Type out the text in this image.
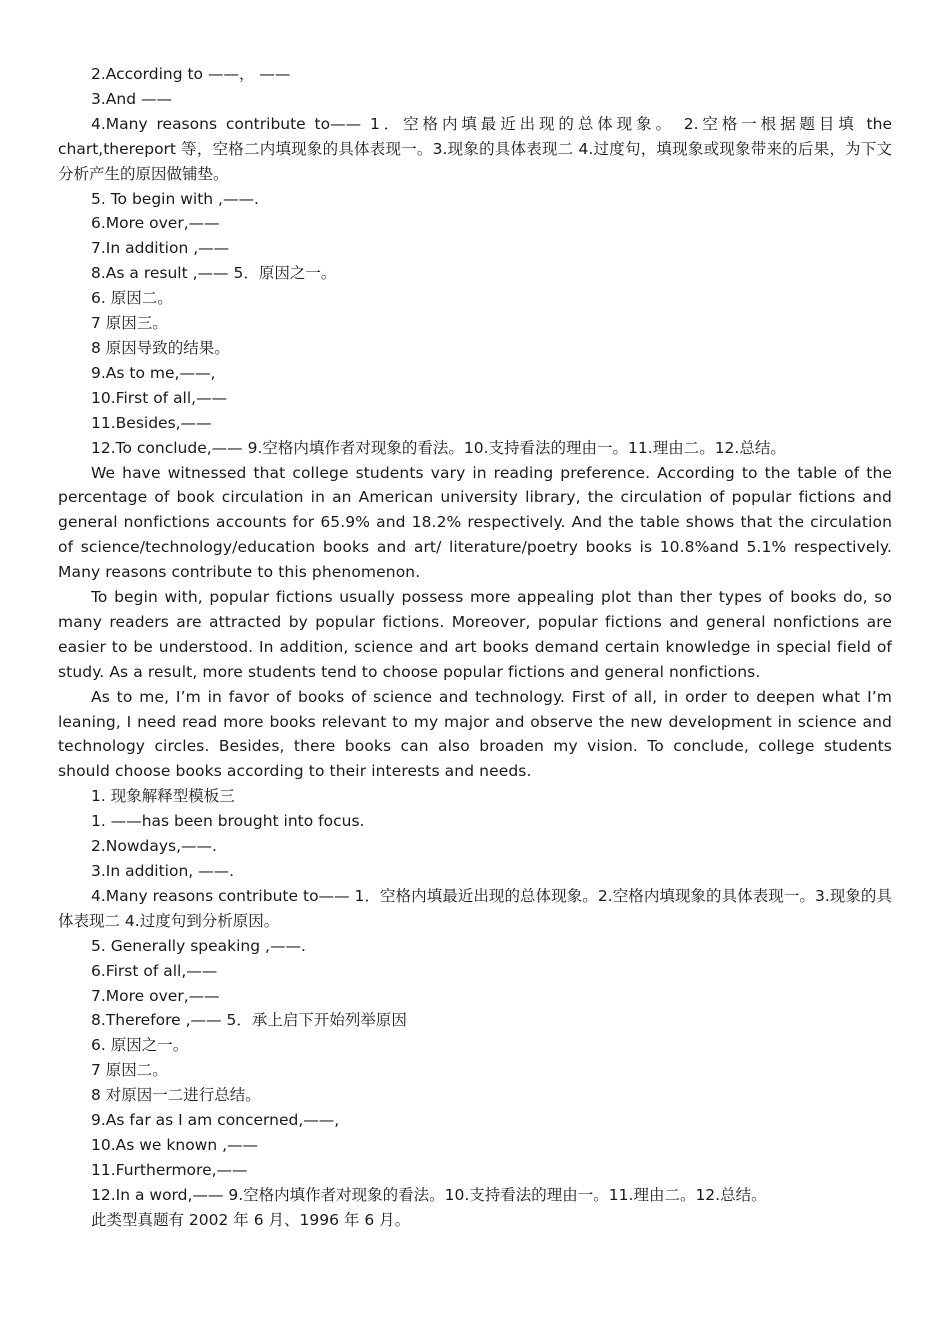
2.According to ——， ——

3.And ——

4.Many reasons contribute to—— 1．空格内填最近出现的总体现象。 2.空格一根据题目填 the chart,thereport 等，空格二内填现象的具体表现一。3.现象的具体表现二 4.过度句，填现象或现象带来的后果，为下文分析产生的原因做铺垫。

5. To begin with ,——.

6.More over,——

7.In addition ,——

8.As a result ,—— 5．原因之一。

6. 原因二。

7 原因三。

8 原因导致的结果。

9.As to me,——,

10.First of all,——

11.Besides,——

12.To conclude,—— 9.空格内填作者对现象的看法。10.支持看法的理由一。11.理由二。12.总结。

We have witnessed that college students vary in reading preference. According to the table of the percentage of book circulation in an American university library, the circulation of popular fictions and general nonfictions accounts for 65.9% and 18.2% respectively. And the table shows that the circulation of science/technology/education books and art/ literature/poetry books is 10.8%and 5.1% respectively. Many reasons contribute to this phenomenon.

To begin with, popular fictions usually possess more appealing plot than ther types of books do, so many readers are attracted by popular fictions. Moreover, popular fictions and general nonfictions are easier to be understood. In addition, science and art books demand certain knowledge in special field of study. As a result, more students tend to choose popular fictions and general nonfictions.

As to me, I’m in favor of books of science and technology. First of all, in order to deepen what I’m leaning, I need read more books relevant to my major and observe the new development in science and technology circles. Besides, there books can also broaden my vision. To conclude, college students should choose books according to their interests and needs.

1. 现象解释型模板三

1. ——has been brought into focus.

2.Nowdays,——.

3.In addition, ——.

4.Many reasons contribute to—— 1．空格内填最近出现的总体现象。2.空格内填现象的具体表现一。3.现象的具体表现二 4.过度句到分析原因。

5. Generally speaking ,——.

6.First of all,——

7.More over,——

8.Therefore ,—— 5．承上启下开始列举原因

6. 原因之一。

7 原因二。

8 对原因一二进行总结。

9.As far as I am concerned,——,

10.As we known ,——

11.Furthermore,——

12.In a word,—— 9.空格内填作者对现象的看法。10.支持看法的理由一。11.理由二。12.总结。

此类型真题有 2002 年 6 月、1996 年 6 月。
